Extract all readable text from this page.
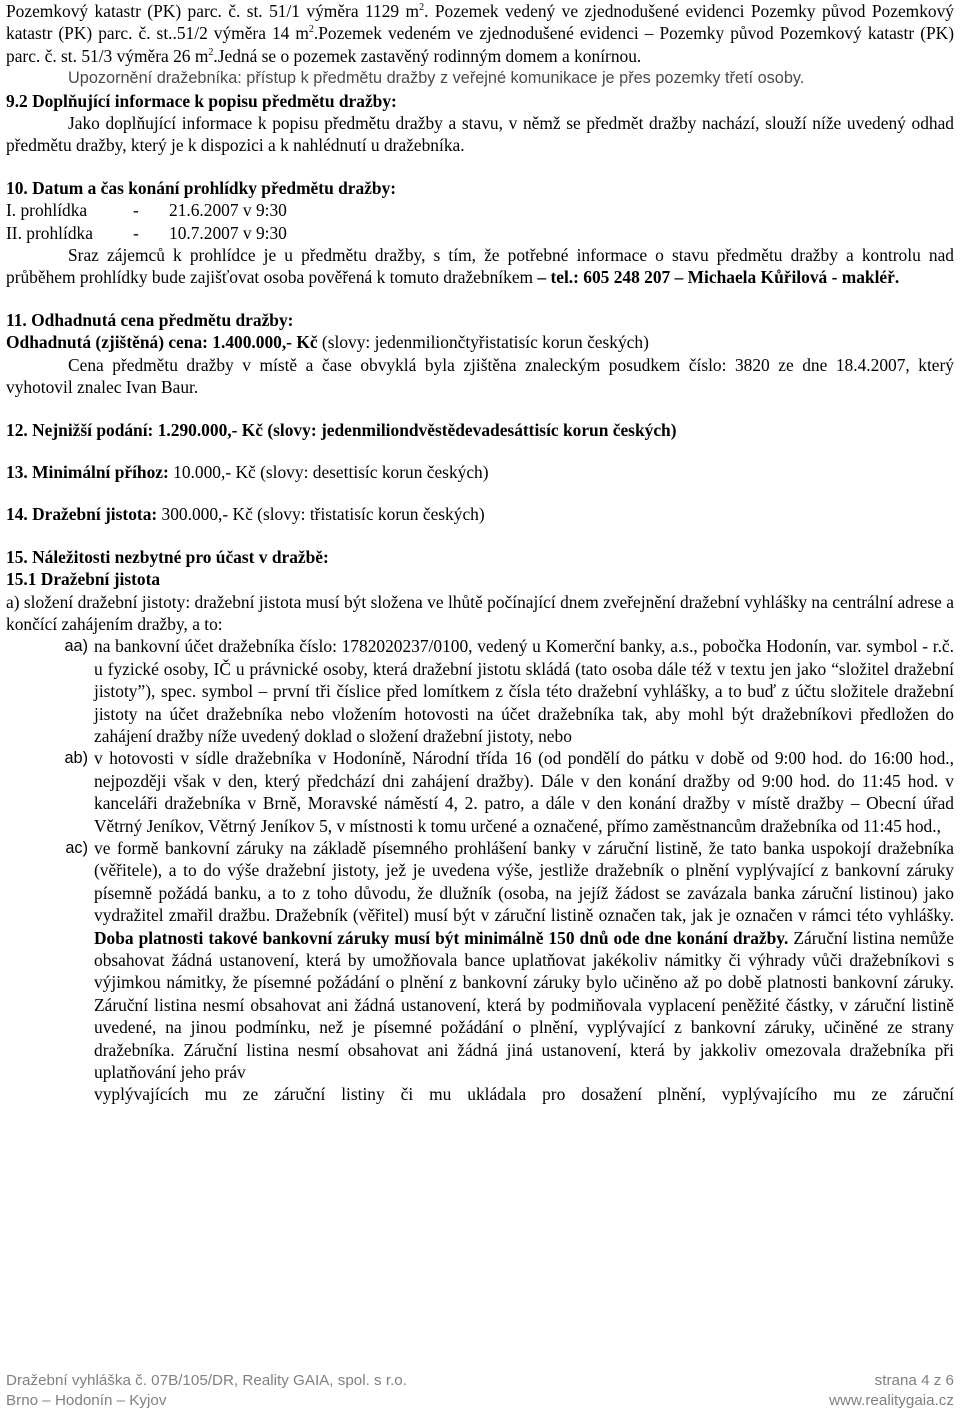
Pozemkový katastr (PK) parc. č. st. 51/1 výměra 1129 $m^2$. Pozemek vedený ve zjednodušené evidenci Pozemky původ Pozemkový katastr (PK) parc. č. st..51/2 výměra 14 $m^2.Pozemek$ vedeném ve zjednodušené evidenci – Pozemky původ Pozemkový katastr (PK) parc. č. st. 51/3 výměra 26 $m^2.Jedná$ se o pozemek zastavěný rodinným domem a konírnou.

Upozornění dražebníka: přístup k předmětu dražby z veřejné komunikace je přes pozemky třetí osoby.

9.2 Doplňující informace k popisu předmětu dražby:

Jako doplňující informace k popisu předmětu dražby a stavu, v němž se předmět dražby nachází, slouží níže uvedený odhad předmětu dražby, který je k dispozici a k nahlédnutí u dražebníka.

10. Datum a čas konání prohlídky předmětu dražby:

I. prohlídka	-	21.6.2007 v 9:30
II. prohlídka	-	10.7.2007 v 9:30

Sraz zájemců k prohlídce je u předmětu dražby, s tím, že potřebné informace o stavu předmětu dražby a kontrolu nad průběhem prohlídky bude zajišťovat osoba pověřená k tomuto dražebníkem – tel.: 605 248 207 – Michaela Kůřilová - makléř.

11. Odhadnutá cena předmětu dražby:

Odhadnutá (zjištěná) cena: 1.400.000,- Kč (slovy: jedenmiliončtyřistatisíc korun českých)

Cena předmětu dražby v místě a čase obvyklá byla zjištěna znaleckým posudkem číslo: 3820 ze dne 18.4.2007, který vyhotovil znalec Ivan Baur.

12. Nejnižší podání: 1.290.000,- Kč (slovy: jedenmiliondvěstědevadesáttisíc korun českých)

13. Minimální příhoz: 10.000,- Kč (slovy: desettisíc korun českých)

14. Dražební jistota: 300.000,- Kč (slovy: třistatisíc korun českých)

15. Náležitosti nezbytné pro účast v dražbě:

15.1 Dražební jistota

a) složení dražební jistoty: dražební jistota musí být složena ve lhůtě počínající dnem zveřejnění dražební vyhlášky na centrální adrese a končící zahájením dražby, a to:

aa) na bankovní účet dražebníka číslo: 1782020237/0100, vedený u Komerční banky, a.s., pobočka Hodonín, var. symbol - r.č. u fyzické osoby, IČ u právnické osoby, která dražební jistotu skládá (tato osoba dále též v textu jen jako “složitel dražební jistoty”), spec. symbol – první tři číslice před lomítkem z čísla této dražební vyhlášky, a to buď z účtu složitele dražební jistoty na účet dražebníka nebo vložením hotovosti na účet dražebníka tak, aby mohl být dražebníkovi předložen do zahájení dražby níže uvedený doklad o složení dražební jistoty, nebo
ab) v hotovosti v sídle dražebníka v Hodoníně, Národní třída 16 (od pondělí do pátku v době od 9:00 hod. do 16:00 hod., nejpozději však v den, který předchází dni zahájení dražby). Dále v den konání dražby od 9:00 hod. do 11:45 hod. v kanceláři dražebníka v Brně, Moravské náměstí 4, 2. patro, a dále v den konání dražby v místě dražby – Obecní úřad Větrný Jeníkov, Větrný Jeníkov 5, v místnosti k tomu určené a označené, přímo zaměstnancům dražebníka od 11:45 hod.,
ac) ve formě bankovní záruky na základě písemného prohlášení banky v záruční listině, že tato banka uspokojí dražebníka (věřitele), a to do výše dražební jistoty, jež je uvedena výše, jestliže dražebník o plnění vyplývající z bankovní záruky písemně požádá banku, a to z toho důvodu, že dlužník (osoba, na jejíž žádost se zavázala banka záruční listinou) jako vydražitel zmařil dražbu. Dražebník (věřitel) musí být v záruční listině označen tak, jak je označen v rámci této vyhlášky. Doba platnosti takové bankovní záruky musí být minimálně 150 dnů ode dne konání dražby. Záruční listina nemůže obsahovat žádná ustanovení, která by umožňovala bance uplatňovat jakékoliv námitky či výhrady vůči dražebníkovi s výjimkou námitky, že písemné požádání o plnění z bankovní záruky bylo učiněno až po době platnosti bankovní záruky. Záruční listina nesmí obsahovat ani žádná ustanovení, která by podmiňovala vyplacení peněžité částky, v záruční listině uvedené, na jinou podmínku, než je písemné požádání o plnění, vyplývající z bankovní záruky, učiněné ze strany dražebníka. Záruční listina nesmí obsahovat ani žádná jiná ustanovení, která by jakkoliv omezovala dražebníka při uplatňování jeho práv
vyplývajících mu ze záruční listiny či mu ukládala pro dosažení plnění, vyplývajícího mu ze záruční
Dražební vyhláška č. 07B/105/DR, Reality GAIA, spol. s r.o.	strana 4 z 6
Brno – Hodonín – Kyjov	www.realitygaia.cz
